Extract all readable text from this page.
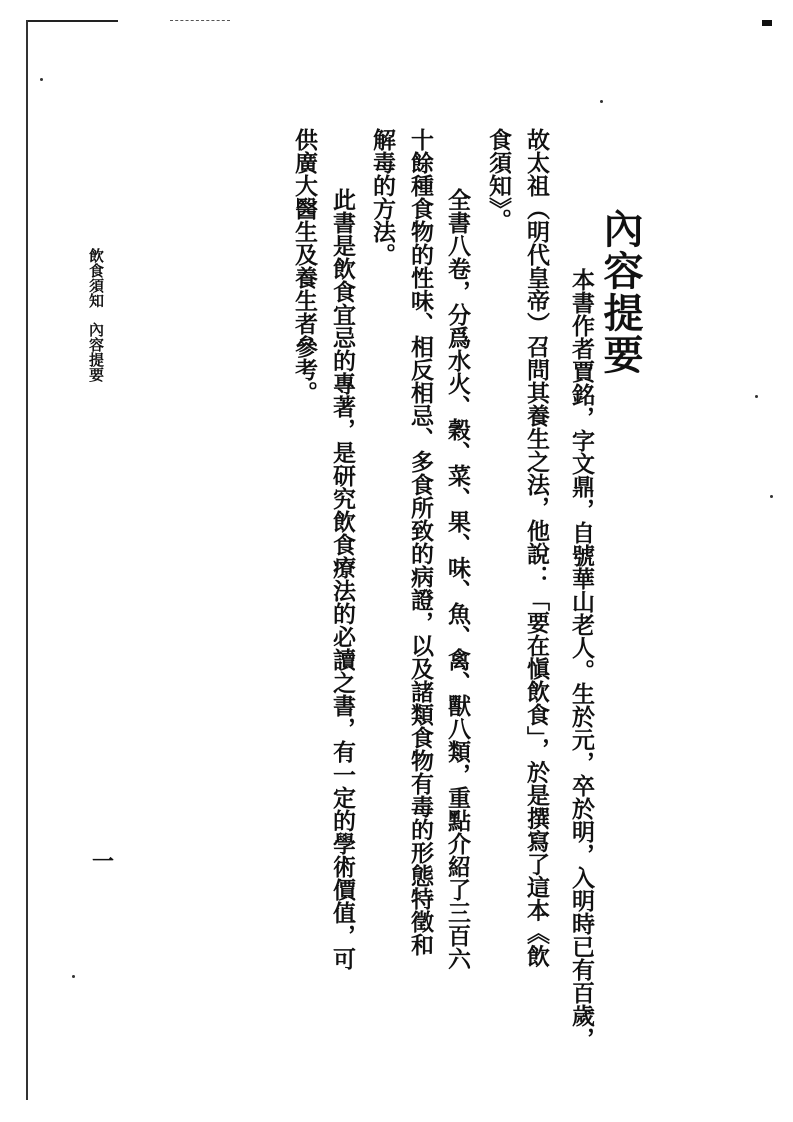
內容提要
本書作者賈銘，字文鼎，自號華山老人。生於元，卒於明，入明時已有百歲，
故太祖（明代皇帝）召問其養生之法，他說：「要在愼飲食」，於是撰寫了這本《飲
食須知》。
全書八卷，分爲水火、穀、菜、果、味、魚、禽、獸八類，重點介紹了三百六
十餘種食物的性味、相反相忌、多食所致的病證，以及諸類食物有毒的形態特徵和
解毒的方法。
此書是飲食宜忌的專著，是研究飲食療法的必讀之書，有一定的學術價值，可
供廣大醫生及養生者參考。
飲食須知內容提要
一
